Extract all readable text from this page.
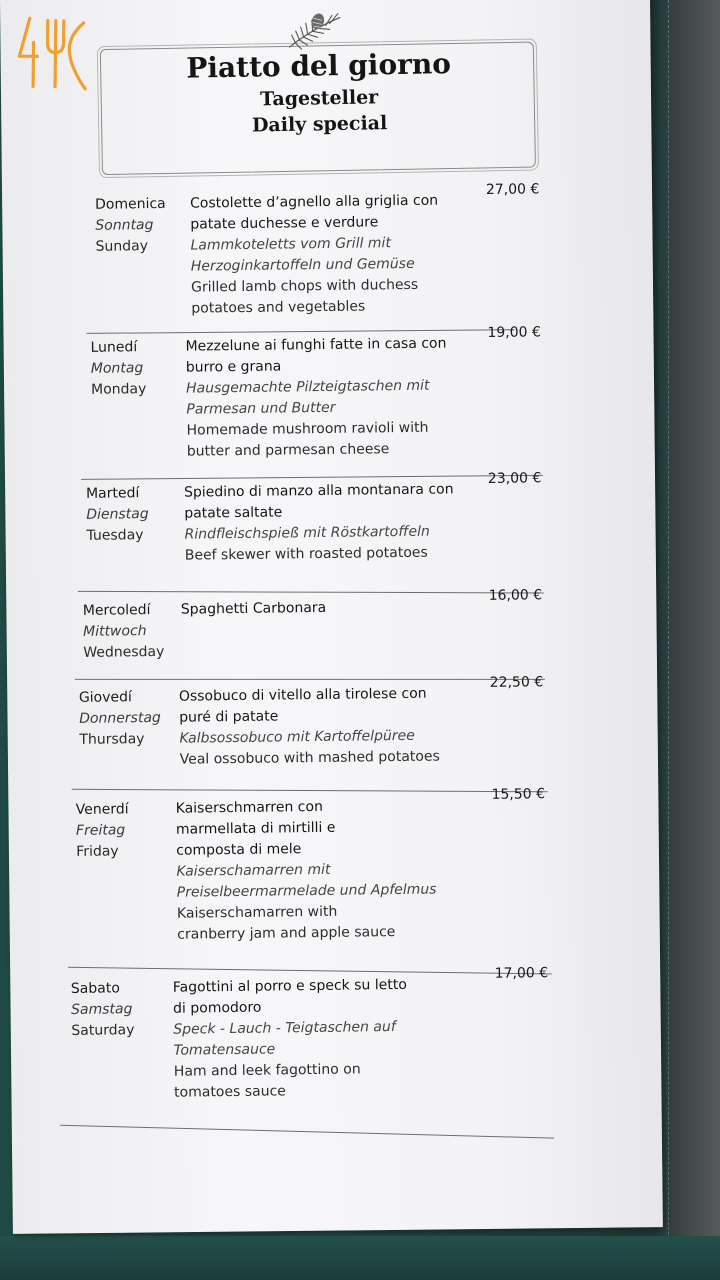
Piatto del giorno
Tagesteller
Daily special
Domenica
Sonntag
Sunday
Costolette d’agnello alla griglia con patate duchesse e verdure
Lammkoteletts vom Grill mit Herzoginkartoffeln und Gemüse
Grilled lamb chops with duchess potatoes and vegetables
27,00 €
Lunedí
Montag
Monday
Mezzelune ai funghi fatte in casa con burro e grana
Hausgemachte Pilzteigtaschen mit Parmesan und Butter
Homemade mushroom ravioli with butter and parmesan cheese
19,00 €
Martedí
Dienstag
Tuesday
Spiedino di manzo alla montanara con patate saltate
Rindfleischspieß mit Röstkartoffeln
Beef skewer with roasted potatoes
23,00 €
Mercoledí
Mittwoch
Wednesday
Spaghetti Carbonara
16,00 €
Giovedí
Donnerstag
Thursday
Ossobuco di vitello alla tirolese con puré di patate
Kalbsossobuco mit Kartoffelpüree
Veal ossobuco with mashed potatoes
22,50 €
Venerdí
Freitag
Friday
Kaiserschmarren con marmellata di mirtilli e composta di mele
Kaiserschamarren mit Preiselbeermarmelade und Apfelmus
Kaiserschamarren with cranberry jam and apple sauce
15,50 €
Sabato
Samstag
Saturday
Fagottini al porro e speck su letto di pomodoro
Speck - Lauch - Teigtaschen auf Tomatensauce
Ham and leek fagottino on tomatoes sauce
17,00 €
